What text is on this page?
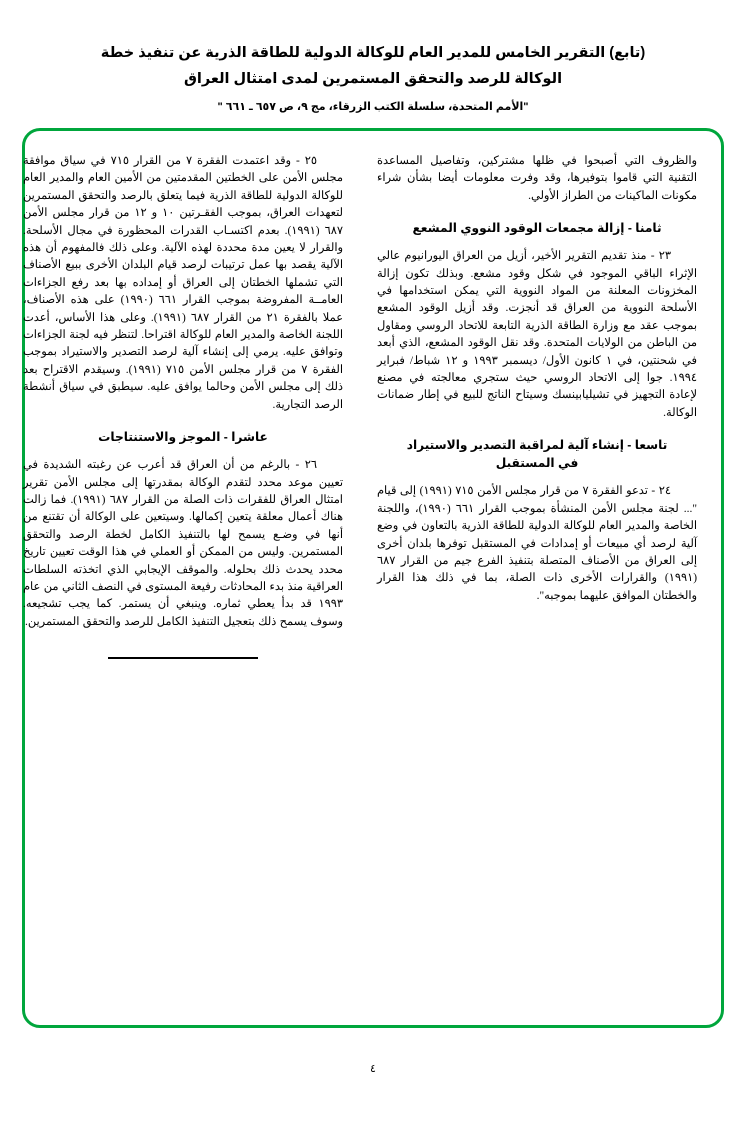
(تابع) التقرير الخامس للمدير العام للوكالة الدولية للطاقة الذرية عن تنفيذ خطة
الوكالة للرصد والتحقق المستمرين لمدى امتثال العراق
"الأمم المتحدة، سلسلة الكتب الزرقاء، مج ٩، ص ٦٥٧ ـ ٦٦١ "

والظروف التي أصبحوا في ظلها مشتركين، وتفاصيل المساعدة التقنية التي قاموا بتوفيرها، وقد وفرت معلومات أيضا بشأن شراء مكونات الماكينات من الطراز الأولي.

ثامنا - إزالة مجمعات الوقود النووي المشعع

٢٣ - منذ تقديم التقرير الأخير، أزيل من العراق اليورانيوم عالي الإثراء الباقي الموجود في شكل وقود مشعع. وبذلك تكون إزالة المخزونات المعلنة من المواد النووية التي يمكن استخدامها في الأسلحة النووية من العراق قد أنجزت. وقد أزيل الوقود المشعع بموجب عقد مع وزارة الطاقة الذرية التابعة للاتحاد الروسي ومقاول من الباطن من الولايات المتحدة. وقد نقل الوقود المشعع، الذي أبعد في شحنتين، في ١ كانون الأول/ ديسمبر ١٩٩٣ و ١٢ شباط/ فبراير ١٩٩٤. جوا إلى الاتحاد الروسي حيث ستجري معالجته في مصنع لإعادة التجهيز في تشيليابينسك وسيتاح الناتج للبيع في إطار ضمانات الوكالة.

تاسعا - إنشاء آلية لمراقبة التصدير والاستيراد
في المستقبل

٢٤ - تدعو الفقرة ٧ من قرار مجلس الأمن ٧١٥ (١٩٩١) إلى قيام "... لجنة مجلس الأمن المنشأة بموجب القرار ٦٦١ (١٩٩٠)، واللجنة الخاصة والمدير العام للوكالة الدولية للطاقة الذرية بالتعاون في وضع آلية لرصد أي مبيعات أو إمدادات في المستقبل توفرها بلدان أخرى إلى العراق من الأصناف المتصلة بتنفيذ الفرع جيم من القرار ٦٨٧ (١٩٩١) والقرارات الأخرى ذات الصلة، بما في ذلك هذا القرار والخطتان الموافق عليهما بموجبه".

٢٥ - وقد اعتمدت الفقرة ٧ من القرار ٧١٥ في سياق موافقة مجلس الأمن على الخطتين المقدمتين من الأمين العام والمدير العام للوكالة الدولية للطاقة الذرية فيما يتعلق بالرصد والتحقق المستمرين لتعهدات العراق، بموجب الفقـرتين ١٠ و ١٢ من قرار مجلس الأمن ٦٨٧ (١٩٩١). بعدم اكتسـاب القدرات المحظورة في مجال الأسلحة. والقرار لا يعين مدة محددة لهذه الآلية. وعلى ذلك فالمفهوم أن هذه الآلية يقصد بها عمل ترتيبات لرصد قيام البلدان الأخرى ببيع الأصناف التي تشملها الخطتان إلى العراق أو إمداده بها بعد رفع الجزاءات العامــة المفروضة بموجب القرار ٦٦١ (١٩٩٠) على هذه الأصناف، عملا بالفقرة ٢١ من القرار ٦٨٧ (١٩٩١). وعلى هذا الأساس، أعدت اللجنة الخاصة والمدير العام للوكالة اقتراحا. لتنظر فيه لجنة الجزاءات وتوافق عليه. يرمي إلى إنشاء آلية لرصد التصدير والاستيراد بموجب الفقرة ٧ من قرار مجلس الأمن ٧١٥ (١٩٩١). وسيقدم الاقتراح بعد ذلك إلى مجلس الأمن وحالما يوافق عليه. سيطبق في سياق أنشطة الرصد التجارية.

عاشرا - الموجز والاستنتاجات

٢٦ - بالرغم من أن العراق قد أعرب عن رغبته الشديدة في تعيين موعد محدد لتقدم الوكالة بمقدرتها إلى مجلس الأمن تقرير امتثال العراق للفقرات ذات الصلة من القرار ٦٨٧ (١٩٩١). فما زالت هناك أعمال معلقة يتعين إكمالها. وسيتعين على الوكالة أن تقتنع من أنها في وضـع يسمح لها بالتنفيذ الكامل لخطة الرصد والتحقق المستمرين. وليس من الممكن أو العملي في هذا الوقت تعيين تاريخ محدد يحدث ذلك بحلوله. والموقف الإيجابي الذي اتخذته السلطات العراقية منذ بدء المحادثات رفيعة المستوى في النصف الثاني من عام ١٩٩٣ قد بدأ يعطي ثماره. وينبغي أن يستمر. كما يجب تشجيعه. وسوف يسمح ذلك بتعجيل التنفيذ الكامل للرصد والتحقق المستمرين.

٤
